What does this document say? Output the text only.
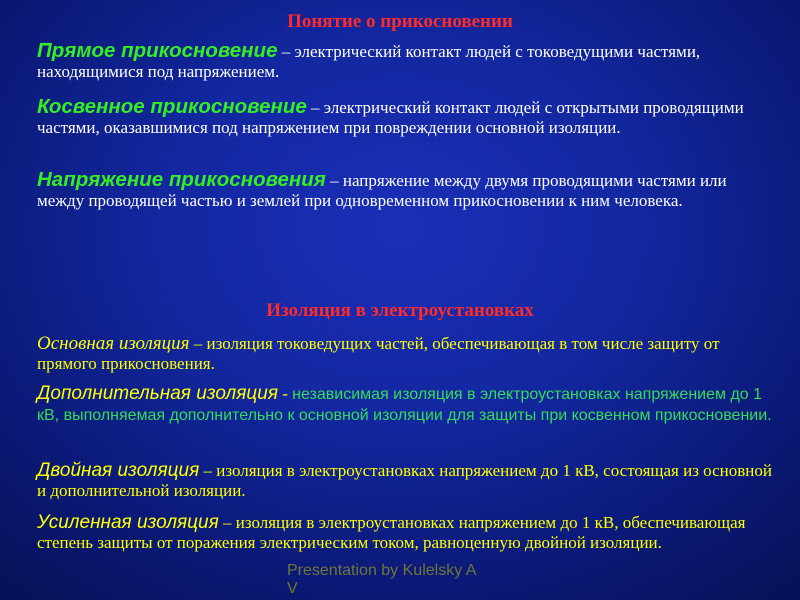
Понятие о прикосновении
Прямое прикосновение – электрический контакт людей с токоведущими частями, находящимися под напряжением.
Косвенное прикосновение – электрический контакт людей с открытыми проводящими частями, оказавшимися под напряжением при повреждении основной изоляции.
Напряжение прикосновения – напряжение между двумя проводящими частями или между проводящей частью и землей при одновременном прикосновении к ним человека.
Изоляция в электроустановках
Основная изоляция – изоляция токоведущих частей, обеспечивающая в том числе защиту от прямого прикосновения.
Дополнительная изоляция - независимая изоляция в электроустановках напряжением до 1 кВ, выполняемая дополнительно к основной изоляции для защиты при косвенном прикосновении.
Двойная изоляция – изоляция в электроустановках напряжением до 1 кВ, состоящая из основной и дополнительной изоляции.
Усиленная изоляция – изоляция в электроустановках напряжением до 1 кВ, обеспечивающая степень защиты от поражения электрическим током, равноценную двойной изоляции.
Presentation by Kulelsky A
V
